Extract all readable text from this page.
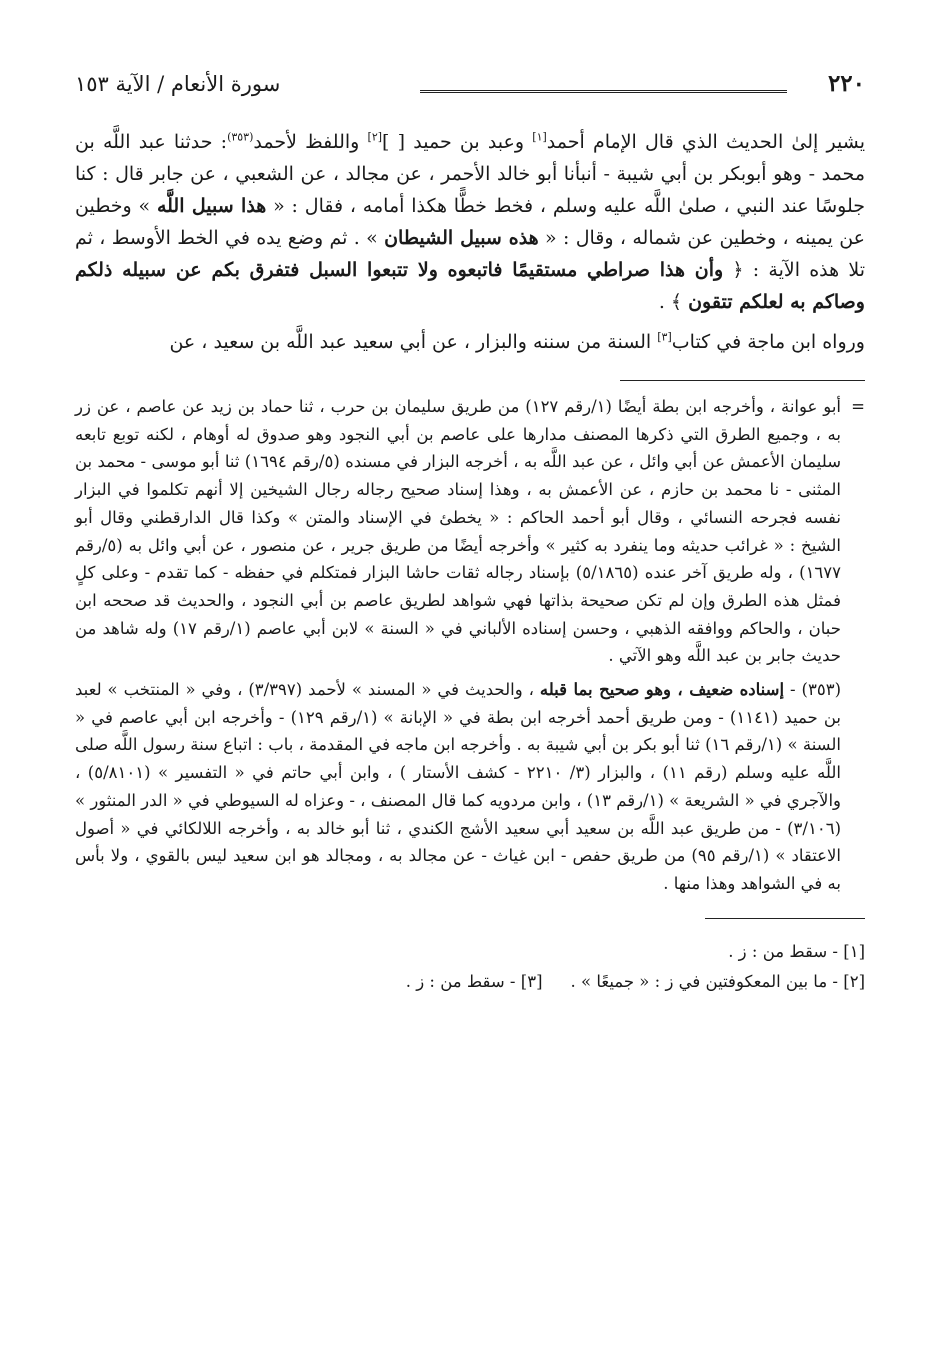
٢٢٠
سورة الأنعام / الآية ١٥٣

يشير إلىٰ الحديث الذي قال الإمام أحمد[١] وعبد بن حميد [ ][٢] واللفظ لأحمد$^{(٣٥٣)}$: حدثنا عبد اللَّه بن محمد - وهو أبوبكر بن أبي شيبة - أنبأنا أبو خالد الأحمر ، عن مجالد ، عن الشعبي ، عن جابر قال : كنا جلوسًا عند النبي ، صلىٰ اللَّه عليه وسلم ، فخط خطًّا هكذا أمامه ، فقال : « هذا سبيل اللَّه » وخطين عن يمينه ، وخطين عن شماله ، وقال : « هذه سبيل الشيطان » . ثم وضع يده في الخط الأوسط ، ثم تلا هذه الآية : ﴿ وأن هذا صراطي مستقيمًا فاتبعوه ولا تتبعوا السبل فتفرق بكم عن سبيله ذلكم وصاكم به لعلكم تتقون ﴾ .

ورواه ابن ماجة في كتاب[٣] السنة من سننه والبزار ، عن أبي سعيد عبد اللَّه بن سعيد ، عن

=

أبو عوانة ، وأخرجه ابن بطة أيضًا (١/رقم ١٢٧) من طريق سليمان بن حرب ، ثنا حماد بن زيد عن عاصم ، عن زر به ، وجميع الطرق التي ذكرها المصنف مدارها على عاصم بن أبي النجود وهو صدوق له أوهام ، لكنه توبع تابعه سليمان الأعمش عن أبي وائل ، عن عبد اللَّه به ، أخرجه البزار في مسنده (٥/رقم ١٦٩٤) ثنا أبو موسى - محمد بن المثنى - نا محمد بن حازم ، عن الأعمش به ، وهذا إسناد صحيح رجاله رجال الشيخين إلا أنهم تكلموا في البزار نفسه فجرحه النسائي ، وقال أبو أحمد الحاكم : « يخطئ في الإسناد والمتن » وكذا قال الدارقطني وقال أبو الشيخ : « غرائب حديثه وما ينفرد به كثير » وأخرجه أيضًا من طريق جرير ، عن منصور ، عن أبي وائل به (٥/رقم ١٦٧٧) ، وله طريق آخر عنده (٥/١٨٦٥) بإسناد رجاله ثقات حاشا البزار فمتكلم في حفظه - كما تقدم - وعلى كلٍ فمثل هذه الطرق وإن لم تكن صحيحة بذاتها فهي شواهد لطريق عاصم بن أبي النجود ، والحديث قد صححه ابن حبان ، والحاكم ووافقه الذهبي ، وحسن إسناده الألباني في « السنة » لابن أبي عاصم (١/رقم ١٧) وله شاهد من حديث جابر بن عبد اللَّه وهو الآتي .

(٣٥٣) - إسناده ضعيف ، وهو صحيح بما قبله ، والحديث في « المسند » لأحمد (٣/٣٩٧) ، وفي « المنتخب » لعبد بن حميد (١١٤١) - ومن طريق أحمد أخرجه ابن بطة في « الإبانة » (١/رقم ١٢٩) - وأخرجه ابن أبي عاصم في « السنة » (١/رقم ١٦) ثنا أبو بكر بن أبي شيبة به . وأخرجه ابن ماجه في المقدمة ، باب : اتباع سنة رسول اللَّه صلى اللَّه عليه وسلم (رقم ١١) ، والبزار (٣/ ٢٢١٠ - كشف الأستار ) ، وابن أبي حاتم في « التفسير » (٥/٨١٠١) ، والآجري في « الشريعة » (١/رقم ١٣) ، وابن مردويه كما قال المصنف ، - وعزاه له السيوطي في « الدر المنثور » (٣/١٠٦) - من طريق عبد اللَّه بن سعيد أبي سعيد الأشج الكندي ، ثنا أبو خالد به ، وأخرجه اللالكائي في « أصول الاعتقاد » (١/رقم ٩٥) من طريق حفص - ابن غياث - عن مجالد به ، ومجالد هو ابن سعيد ليس بالقوي ، ولا بأس به في الشواهد وهذا منها .

[١] - سقط من : ز .

[٢] - ما بين المعكوفتين في ز : « جميعًا » .[٣] - سقط من : ز .
